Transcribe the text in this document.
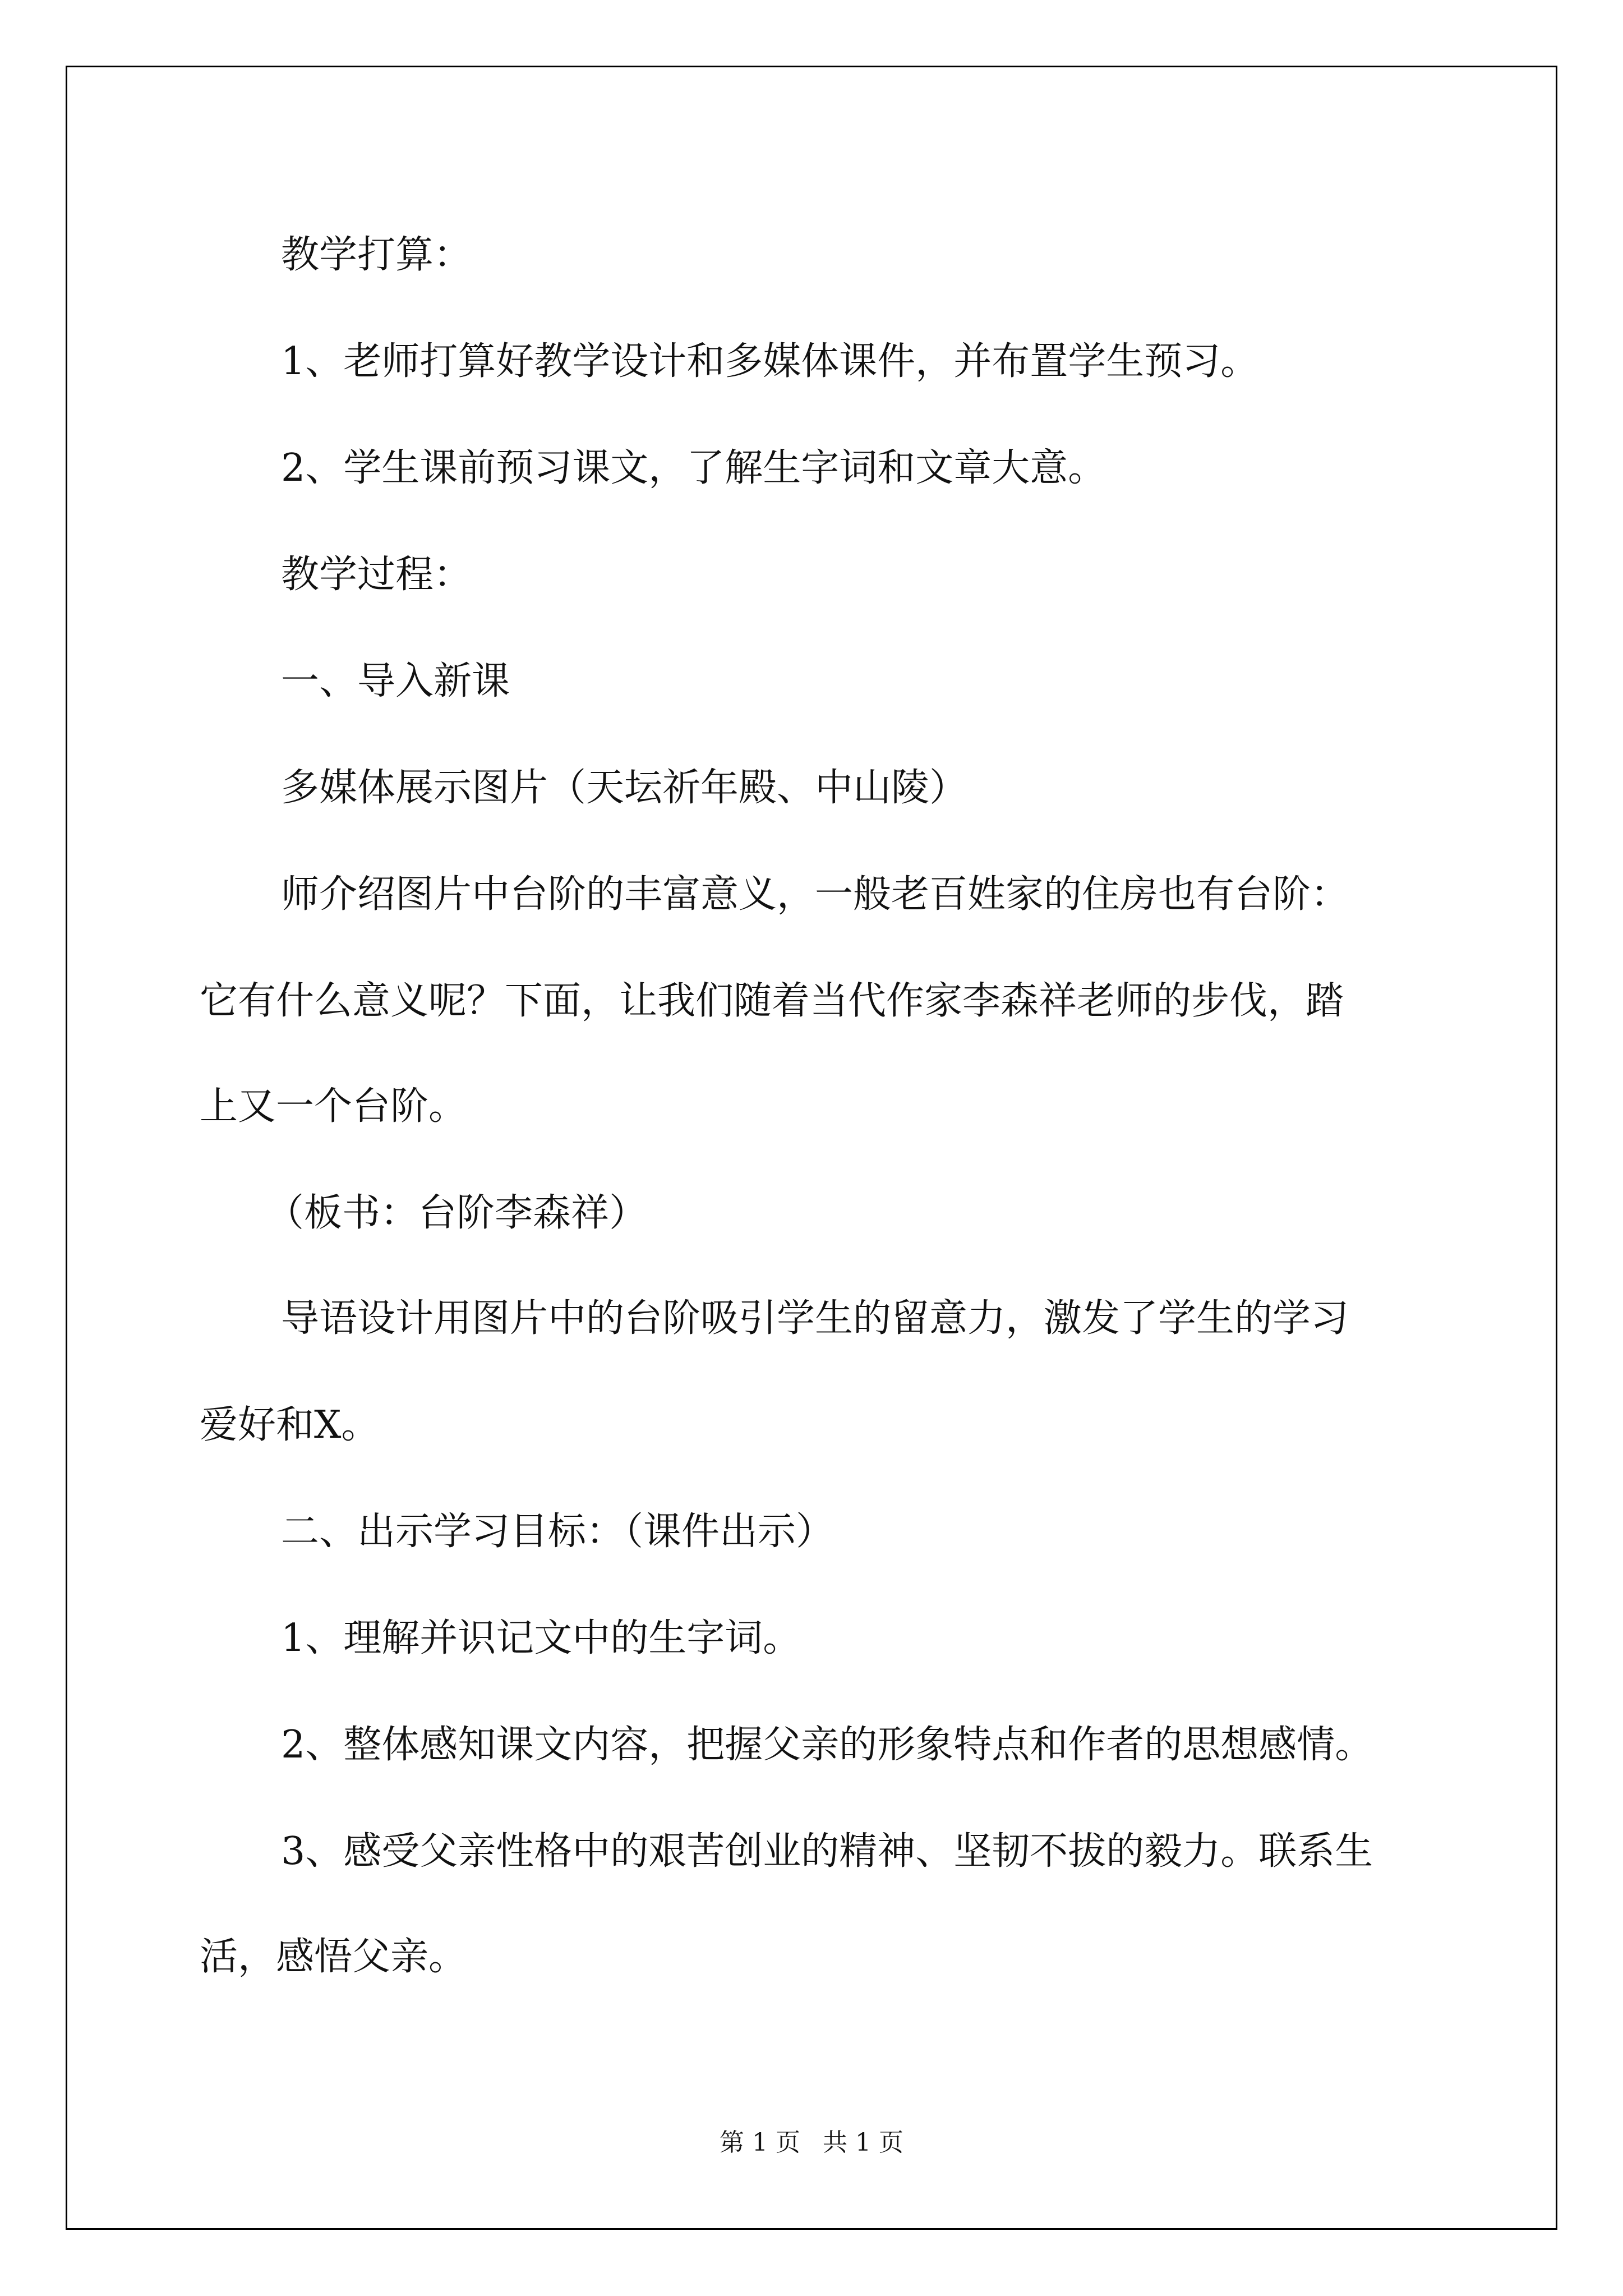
教学打算：
1、老师打算好教学设计和多媒体课件，并布置学生预习。
2、学生课前预习课文，了解生字词和文章大意。
教学过程：
一、导入新课
多媒体展示图片（天坛祈年殿、中山陵）
师介绍图片中台阶的丰富意义，一般老百姓家的住房也有台阶：
它有什么意义呢？下面，让我们随着当代作家李森祥老师的步伐，踏
上又一个台阶。
（板书：台阶李森祥）
导语设计用图片中的台阶吸引学生的留意力，激发了学生的学习
爱好和X。
二、出示学习目标：（课件出示）
1、理解并识记文中的生字词。
2、整体感知课文内容，把握父亲的形象特点和作者的思想感情。
3、感受父亲性格中的艰苦创业的精神、坚韧不拔的毅力。联系生
活，感悟父亲。
第 1 页 共 1 页
